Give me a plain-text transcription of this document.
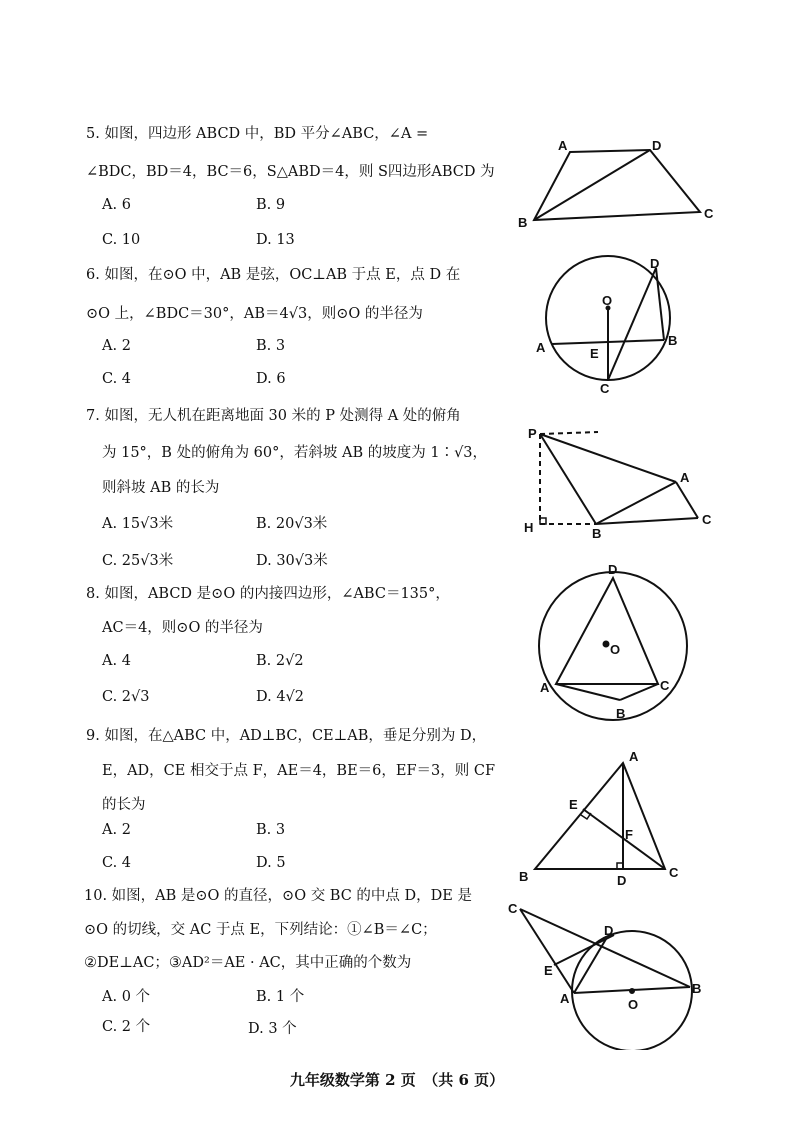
5. 如图，四边形 ABCD 中，BD 平分∠ABC，∠A =
∠BDC，BD＝4，BC＝6，S△ABD＝4，则 S四边形ABCD 为
A. 6	B. 9
C. 10	D. 13
A	D
B
C
6. 如图，在⊙O 中，AB 是弦，OC⊥AB 于点 E，点 D 在
⊙O 上，∠BDC＝30°，AB＝4√3，则⊙O 的半径为
A. 2	B. 3
C. 4	D. 6
D
O
A	E
B
C
7. 如图，无人机在距离地面 30 米的 P 处测得 A 处的俯角
为 15°，B 处的俯角为 60°，若斜坡 AB 的坡度为 1∶√3，
则斜坡 AB 的长为
A. 15√3米	B. 20√3米
C. 25√3米	D. 30√3米
P
A
H	B
C
8. 如图，ABCD 是⊙O 的内接四边形，∠ABC＝135°，
AC＝4，则⊙O 的半径为
A. 4	B. 2√2
C. 2√3	D. 4√2
D
O
A	C
B
9. 如图，在△ABC 中，AD⊥BC，CE⊥AB，垂足分别为 D，
E，AD，CE 相交于点 F，AE＝4，BE＝6，EF＝3，则 CF
的长为
A. 2	B. 3
C. 4	D. 5
A
E
F
B	D
C
10. 如图，AB 是⊙O 的直径，⊙O 交 BC 的中点 D，DE 是
⊙O 的切线，交 AC 于点 E，下列结论：①∠B＝∠C；
②DE⊥AC；③AD²＝AE · AC，其中正确的个数为
A. 0 个	B. 1 个
C. 2 个	D. 3 个
C
D
E
A	O
B
九年级数学第 2 页　（共 6 页）
